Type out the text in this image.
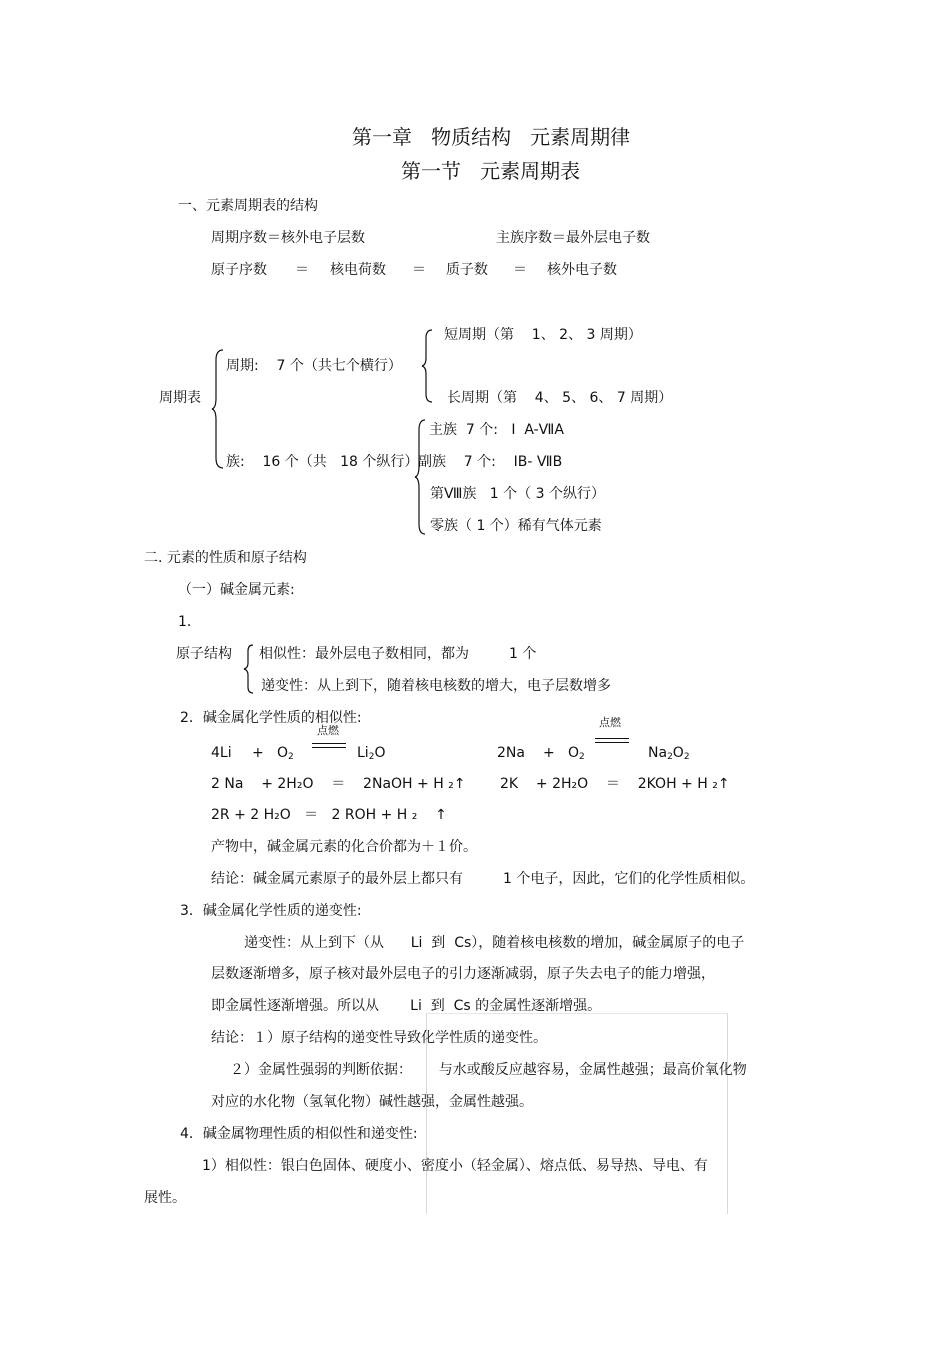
第一章   物质结构   元素周期律
第一节   元素周期表
一、元素周期表的结构
周期序数＝核外电子层数	主族序数＝最外层电子数
原子序数 ＝ 核电荷数 ＝ 质子数 ＝ 核外电子数
周期表
周期:    7 个（共七个横行）
短周期（第    1、 2、 3 周期）
长周期（第    4、 5、 6、 7 周期）
族:    16 个（共   18 个纵行）
主族  7 个:   Ⅰ  A-ⅦA
副族    7 个:    IB- ⅦB
第Ⅷ族   1 个（ 3 个纵行）
零族（ 1 个）稀有气体元素
二. 元素的性质和原子结构
（一）碱金属元素:
1．
原子结构 相似性：最外层电子数相同，都为         1 个
递变性：从上到下，随着核电核数的增大，电子层数增多
2．碱金属化学性质的相似性:
点燃
4Li + O2	Li2O
点燃
2Na + O2	Na2O2
2 Na    + 2H₂O    ＝    2NaOH + H ₂↑ 2K    + 2H₂O    ＝    2KOH + H ₂↑
2R + 2 H₂O   ＝   2 ROH + H ₂    ↑
产物中，碱金属元素的化合价都为＋１价。
结论：碱金属元素原子的最外层上都只有         1 个电子，因此，它们的化学性质相似。
3．碱金属化学性质的递变性:
递变性：从上到下（从      Li  到  Cs），随着核电核数的增加，碱金属原子的电子
层数逐渐增多，原子核对最外层电子的引力逐渐减弱，原子失去电子的能力增强，
即金属性逐渐增强。所以从       Li  到  Cs 的金属性逐渐增强。
结论：１）原子结构的递变性导致化学性质的递变性。
２）金属性强弱的判断依据：      与水或酸反应越容易，金属性越强；最高价氧化物
对应的水化物（氢氧化物）碱性越强，金属性越强。
4．碱金属物理性质的相似性和递变性:
1）相似性：银白色固体、硬度小、密度小（轻金属）、熔点低、易导热、导电、有
展性。
